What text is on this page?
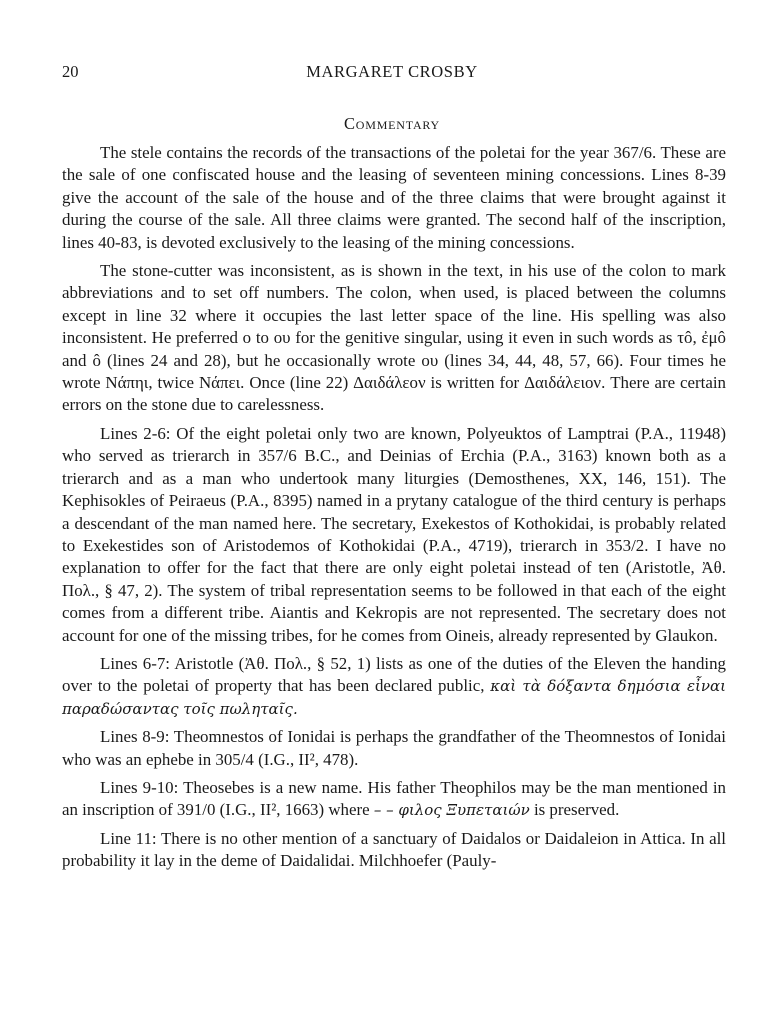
20	MARGARET CROSBY
Commentary

The stele contains the records of the transactions of the poletai for the year 367/6. These are the sale of one confiscated house and the leasing of seventeen mining concessions. Lines 8-39 give the account of the sale of the house and of the three claims that were brought against it during the course of the sale. All three claims were granted. The second half of the inscription, lines 40-83, is devoted exclusively to the leasing of the mining concessions.

The stone-cutter was inconsistent, as is shown in the text, in his use of the colon to mark abbreviations and to set off numbers. The colon, when used, is placed between the columns except in line 32 where it occupies the last letter space of the line. His spelling was also inconsistent. He preferred ο to ου for the genitive singular, using it even in such words as τô, ἐμô and ô (lines 24 and 28), but he occasionally wrote ου (lines 34, 44, 48, 57, 66). Four times he wrote Νάπηι, twice Νάπει. Once (line 22) Δαιδάλεον is written for Δαιδάλειον. There are certain errors on the stone due to carelessness.

Lines 2-6: Of the eight poletai only two are known, Polyeuktos of Lamptrai (P.A., 11948) who served as trierarch in 357/6 B.C., and Deinias of Erchia (P.A., 3163) known both as a trierarch and as a man who undertook many liturgies (Demosthenes, XX, 146, 151). The Kephisokles of Peiraeus (P.A., 8395) named in a prytany catalogue of the third century is perhaps a descendant of the man named here. The secretary, Exekestos of Kothokidai, is probably related to Exekestides son of Aristodemos of Kothokidai (P.A., 4719), trierarch in 353/2. I have no explanation to offer for the fact that there are only eight poletai instead of ten (Aristotle, Ἀθ. Πολ., § 47, 2). The system of tribal representation seems to be followed in that each of the eight comes from a different tribe. Aiantis and Kekropis are not represented. The secretary does not account for one of the missing tribes, for he comes from Oineis, already represented by Glaukon.

Lines 6-7: Aristotle (Ἀθ. Πολ., § 52, 1) lists as one of the duties of the Eleven the handing over to the poletai of property that has been declared public, καὶ τὰ δόξαντα δημόσια εἶναι παραδώσαντας τοῖς πωληταῖς.

Lines 8-9: Theomnestos of Ionidai is perhaps the grandfather of the Theomnestos of Ionidai who was an ephebe in 305/4 (I.G., II², 478).

Lines 9-10: Theosebes is a new name. His father Theophilos may be the man mentioned in an inscription of 391/0 (I.G., II², 1663) where – – φιλος Ξυπεταιών is preserved.

Line 11: There is no other mention of a sanctuary of Daidalos or Daidaleion in Attica. In all probability it lay in the deme of Daidalidai. Milchhoefer (Pauly-
